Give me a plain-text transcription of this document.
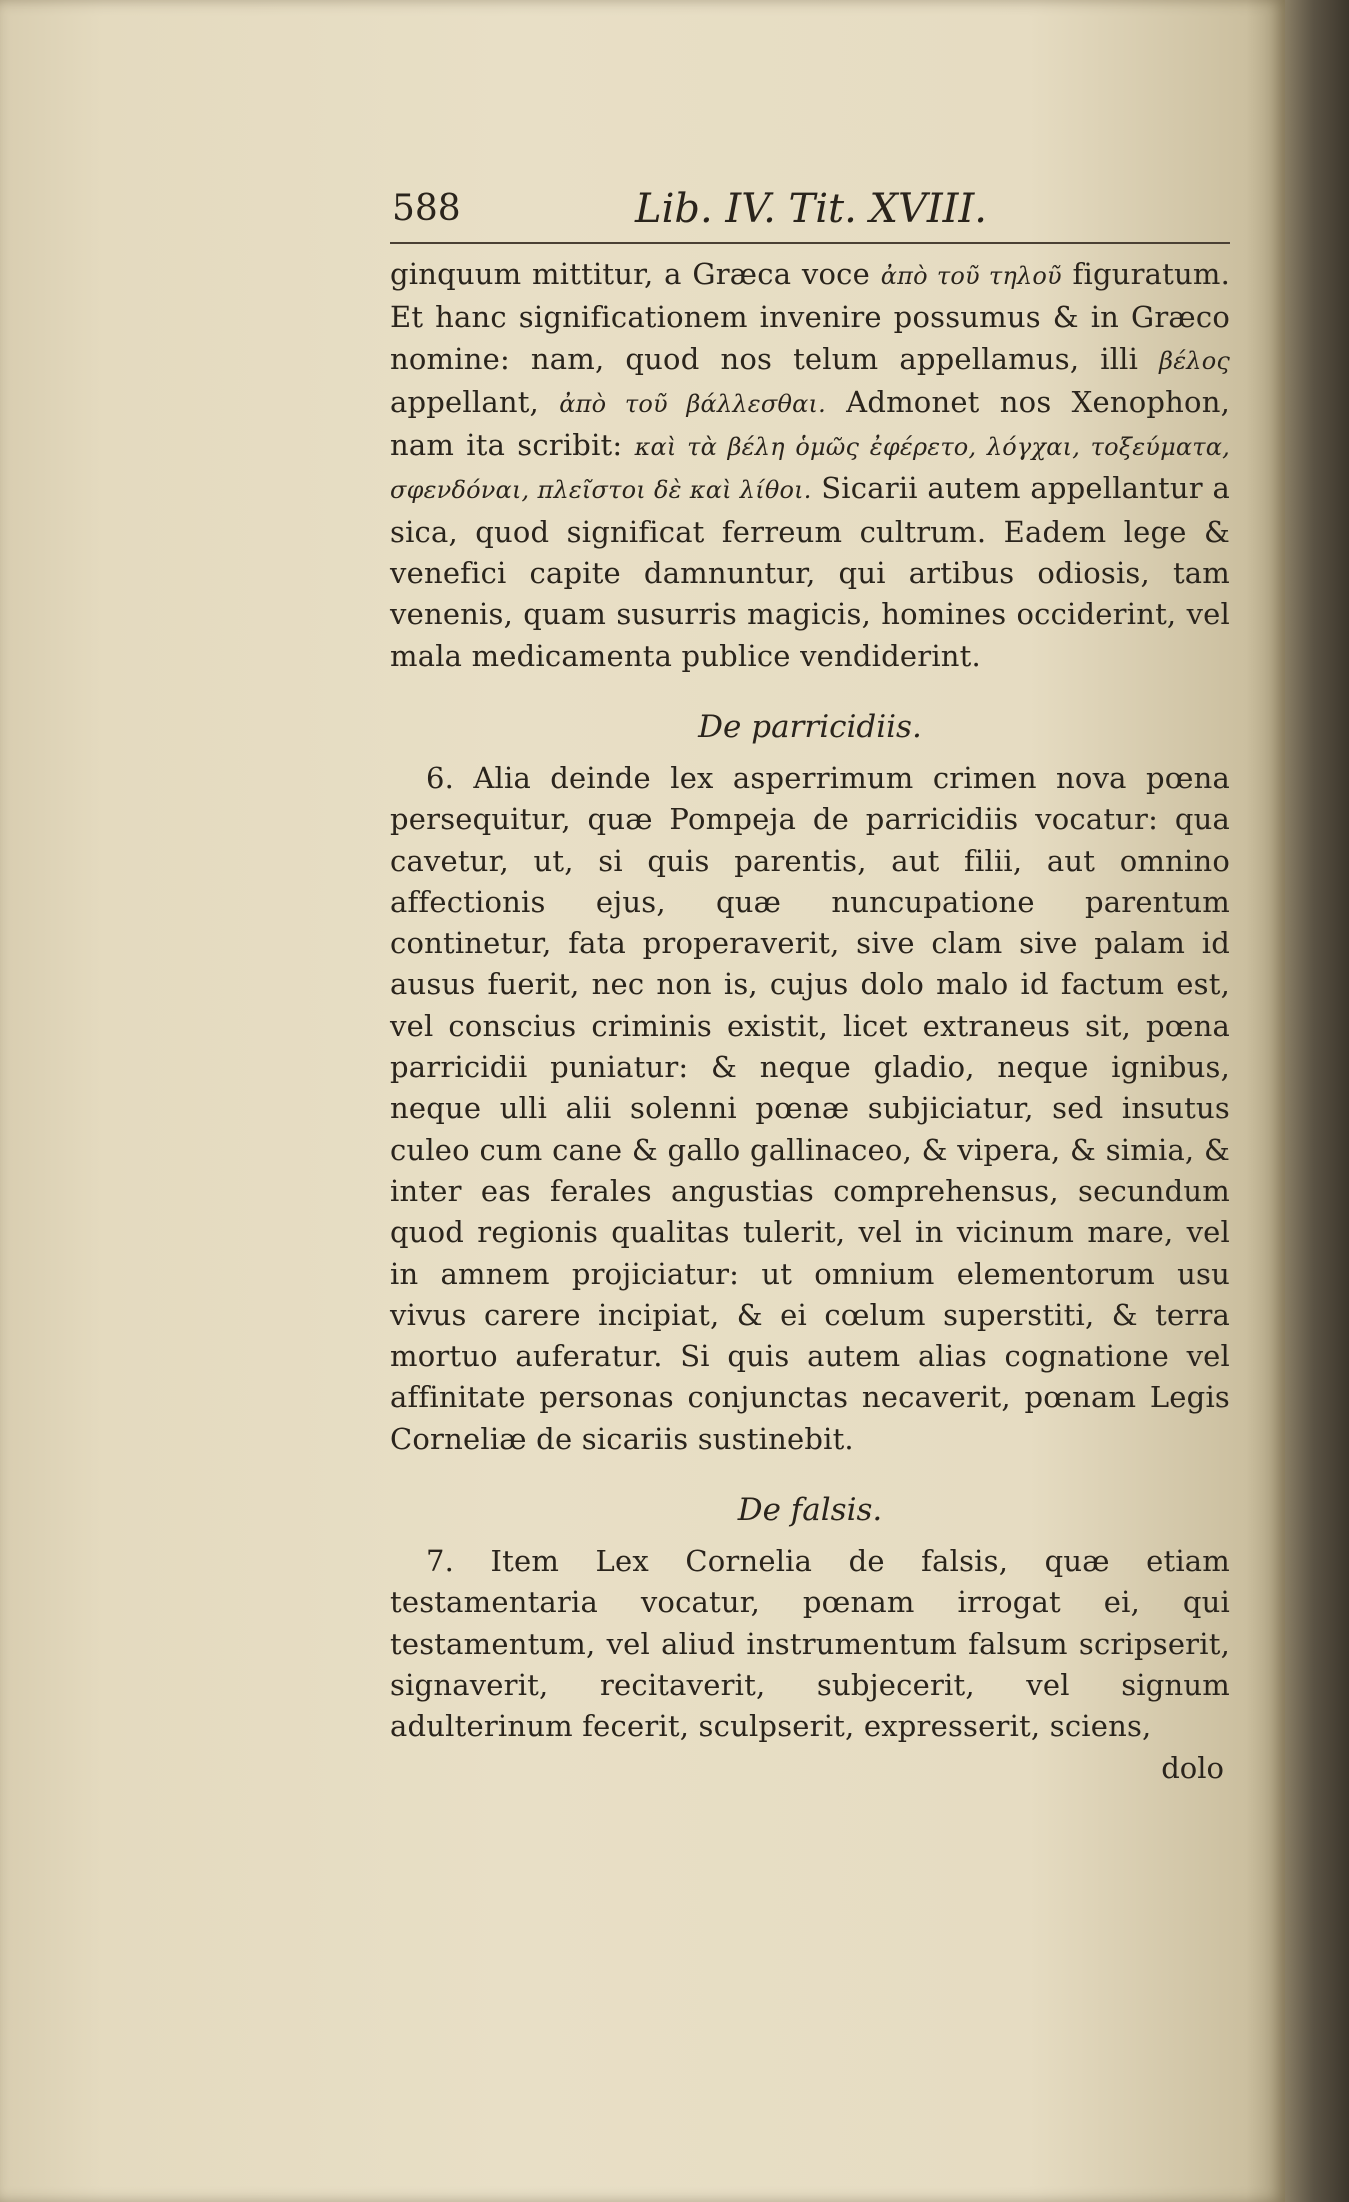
588	Lib. IV. Tit. XVIII.

ginquum mittitur, a Græca voce ἀπὸ τοῦ τηλοῦ figuratum. Et hanc significationem invenire possumus & in Græco nomine: nam, quod nos telum appellamus, illi βέλος appellant, ἀπὸ τοῦ βάλλεσθαι. Admonet nos Xenophon, nam ita scribit: καὶ τὰ βέλη ὁμῶς ἐφέρετο, λόγχαι, τοξεύματα, σφενδόναι, πλεῖστοι δὲ καὶ λίθοι. Sicarii autem appellantur a sica, quod significat ferreum cultrum. Eadem lege & venefici capite damnuntur, qui artibus odiosis, tam venenis, quam susurris magicis, homines occiderint, vel mala medicamenta publice vendiderint.

De parricidiis.

6. Alia deinde lex asperrimum crimen nova pœna persequitur, quæ Pompeja de parricidiis vocatur: qua cavetur, ut, si quis parentis, aut filii, aut omnino affectionis ejus, quæ nuncupatione parentum continetur, fata properaverit, sive clam sive palam id ausus fuerit, nec non is, cujus dolo malo id factum est, vel conscius criminis existit, licet extraneus sit, pœna parricidii puniatur: & neque gladio, neque ignibus, neque ulli alii solenni pœnæ subjiciatur, sed insutus culeo cum cane & gallo gallinaceo, & vipera, & simia, & inter eas ferales angustias comprehensus, secundum quod regionis qualitas tulerit, vel in vicinum mare, vel in amnem projiciatur: ut omnium elementorum usu vivus carere incipiat, & ei cœlum superstiti, & terra mortuo auferatur. Si quis autem alias cognatione vel affinitate personas conjunctas necaverit, pœnam Legis Corneliæ de sicariis sustinebit.

De falsis.

7. Item Lex Cornelia de falsis, quæ etiam testamentaria vocatur, pœnam irrogat ei, qui testamentum, vel aliud instrumentum falsum scripserit, signaverit, recitaverit, subjecerit, vel signum adulterinum fecerit, sculpserit, expresserit, sciens,

dolo
